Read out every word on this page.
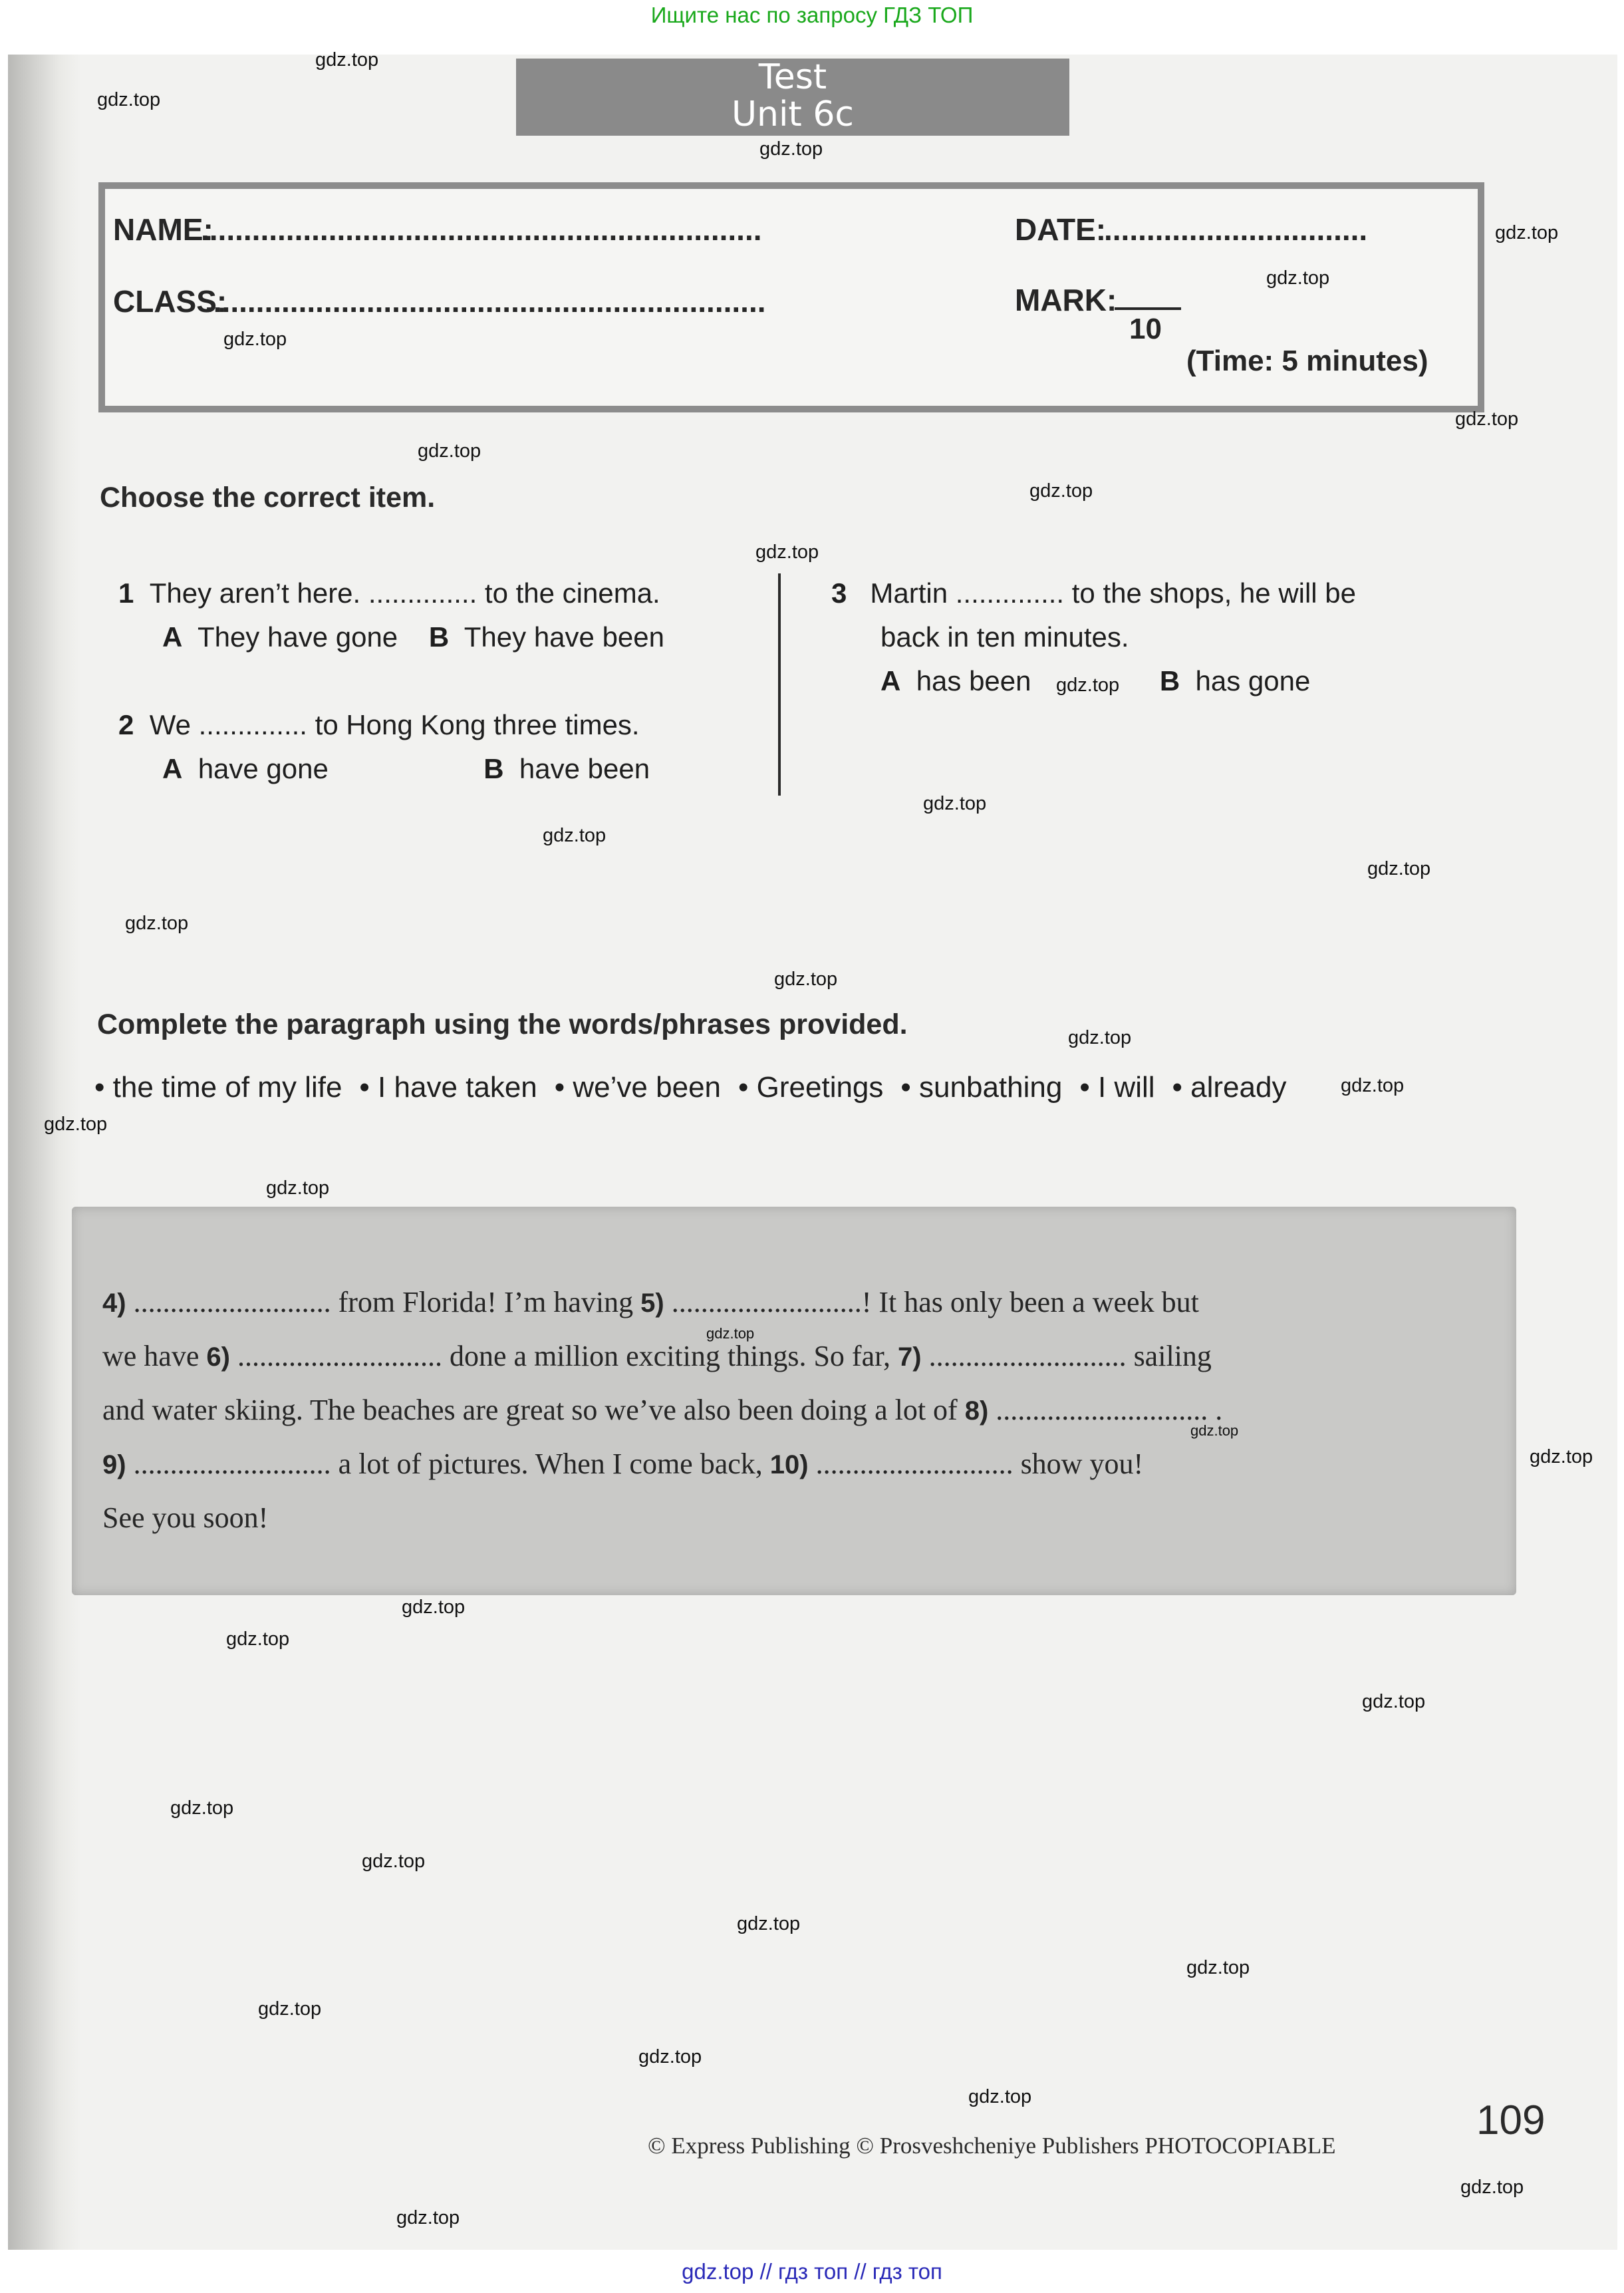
Ищите нас по запросу ГДЗ ТОП
Test
Unit 6c
NAME:
..................................................................	DATE:
...............................
CLASS:
..................................................................	MARK:
10
(Time: 5 minutes)
Choose the correct item.
1 They aren’t here. .............. to the cinema.
A They have gone B They have been
2 We .............. to Hong Kong three times.
A have gone	B have been
3 Martin .............. to the shops, he will be
back in ten minutes.
A has been	B has gone
Complete the paragraph using the words/phrases provided.
• the time of my life • I have taken • we’ve been • Greetings • sunbathing • I will • already
4) ........................... from Florida! I’m having 5) ..........................! It has only been a week but
we have 6) ............................ done a million exciting things. So far, 7) ........................... sailing
and water skiing. The beaches are great so we’ve also been doing a lot of 8) ............................. .
9) ........................... a lot of pictures. When I come back, 10) ........................... show you!
See you soon!
© Express Publishing © Prosveshcheniye Publishers PHOTOCOPIABLE
109
gdz.top
gdz.top
gdz.top
gdz.top
gdz.top
gdz.top
gdz.top
gdz.top
gdz.top
gdz.top
gdz.top
gdz.top
gdz.top
gdz.top
gdz.top
gdz.top
gdz.top
gdz.top
gdz.top
gdz.top
gdz.top
gdz.top
gdz.top
gdz.top
gdz.top
gdz.top
gdz.top
gdz.top
gdz.top
gdz.top
gdz.top
gdz.top
gdz.top
gdz.top
gdz.top
gdz.top // гдз топ // гдз топ
